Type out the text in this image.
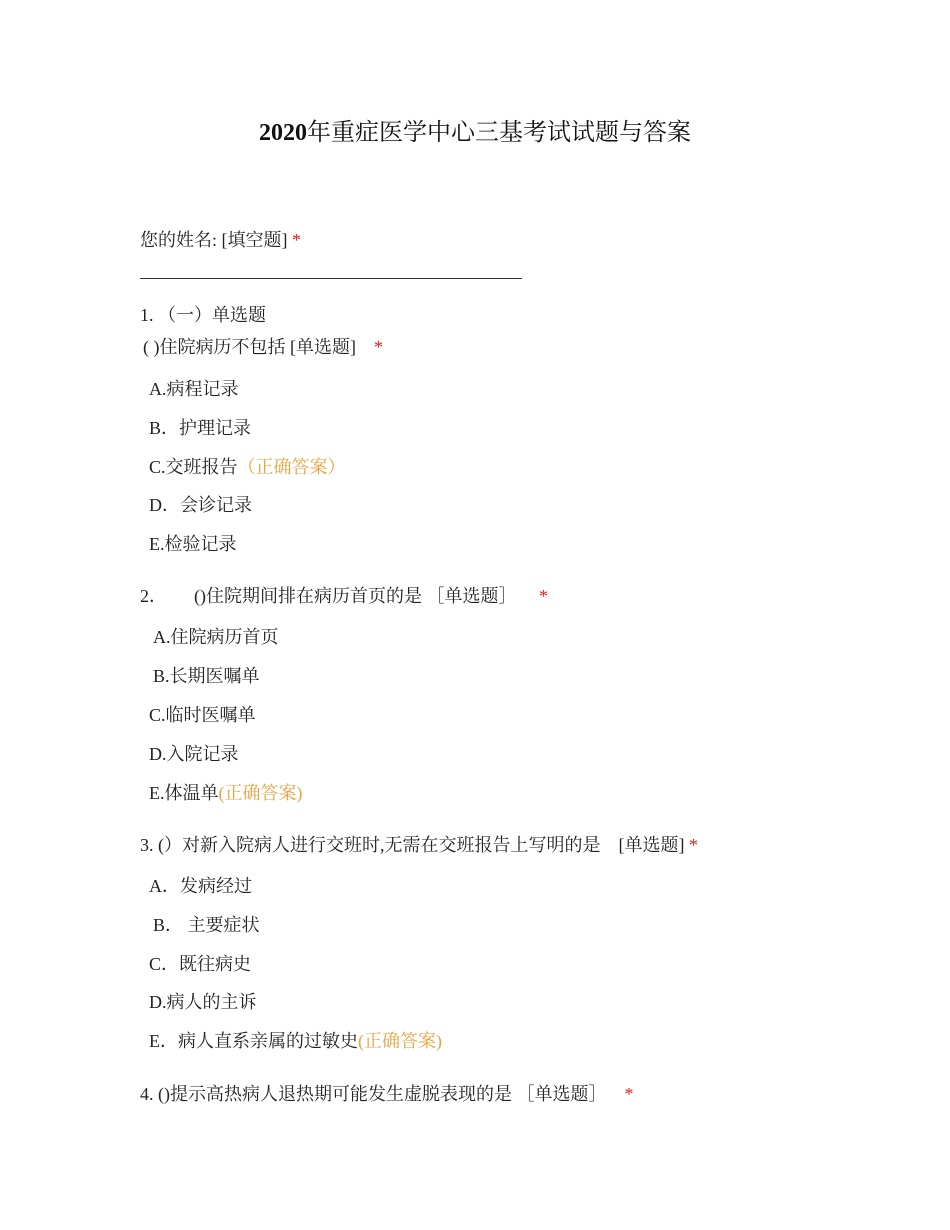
2020年重症医学中心三基考试试题与答案
您的姓名: [填空题] *
1. （一）单选题
( )住院病历不包括 [单选题] *
A.病程记录
B．护理记录
C.交班报告（正确答案）
D．会诊记录
E.检验记录
2．      ()住院期间排在病历首页的是 ［单选题］ *
A.住院病历首页
B.长期医嘱单
C.临时医嘱单
D.入院记录
E.体温单(正确答案)
3. (）对新入院病人进行交班时,无需在交班报告上写明的是    [单选题] *
A．发病经过
B． 主要症状
C．既往病史
D.病人的主诉
E．病人直系亲属的过敏史(正确答案)
4. ()提示高热病人退热期可能发生虚脱表现的是 ［单选题］ *
